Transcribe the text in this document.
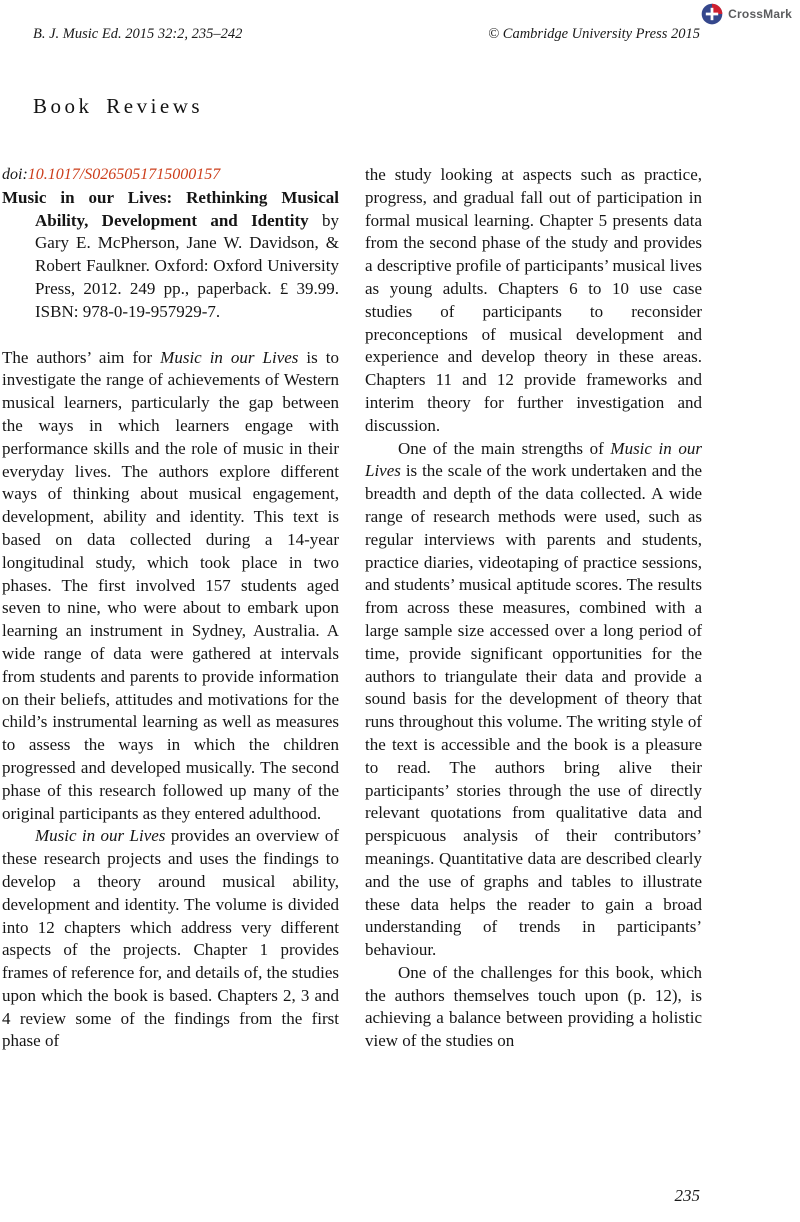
CrossMark
B. J. Music Ed. 2015 32:2, 235–242	© Cambridge University Press 2015
Book Reviews

doi:10.1017/S0265051715000157

Music in our Lives: Rethinking Musical Ability, Development and Identity by Gary E. McPherson, Jane W. Davidson, & Robert Faulkner. Oxford: Oxford University Press, 2012. 249 pp., paperback. £ 39.99. ISBN: 978-0-19-957929-7.

The authors’ aim for Music in our Lives is to investigate the range of achievements of Western musical learners, particularly the gap between the ways in which learners engage with performance skills and the role of music in their everyday lives. The authors explore different ways of thinking about musical engagement, development, ability and identity. This text is based on data collected during a 14-year longitudinal study, which took place in two phases. The first involved 157 students aged seven to nine, who were about to embark upon learning an instrument in Sydney, Australia. A wide range of data were gathered at intervals from students and parents to provide information on their beliefs, attitudes and motivations for the child’s instrumental learning as well as measures to assess the ways in which the children progressed and developed musically. The second phase of this research followed up many of the original participants as they entered adulthood.

Music in our Lives provides an overview of these research projects and uses the findings to develop a theory around musical ability, development and identity. The volume is divided into 12 chapters which address very different aspects of the projects. Chapter 1 provides frames of reference for, and details of, the studies upon which the book is based. Chapters 2, 3 and 4 review some of the findings from the first phase of

the study looking at aspects such as practice, progress, and gradual fall out of participation in formal musical learning. Chapter 5 presents data from the second phase of the study and provides a descriptive profile of participants’ musical lives as young adults. Chapters 6 to 10 use case studies of participants to reconsider preconceptions of musical development and experience and develop theory in these areas. Chapters 11 and 12 provide frameworks and interim theory for further investigation and discussion.

One of the main strengths of Music in our Lives is the scale of the work undertaken and the breadth and depth of the data collected. A wide range of research methods were used, such as regular interviews with parents and students, practice diaries, videotaping of practice sessions, and students’ musical aptitude scores. The results from across these measures, combined with a large sample size accessed over a long period of time, provide significant opportunities for the authors to triangulate their data and provide a sound basis for the development of theory that runs throughout this volume. The writing style of the text is accessible and the book is a pleasure to read. The authors bring alive their participants’ stories through the use of directly relevant quotations from qualitative data and perspicuous analysis of their contributors’ meanings. Quantitative data are described clearly and the use of graphs and tables to illustrate these data helps the reader to gain a broad understanding of trends in participants’ behaviour.

One of the challenges for this book, which the authors themselves touch upon (p. 12), is achieving a balance between providing a holistic view of the studies on

235
